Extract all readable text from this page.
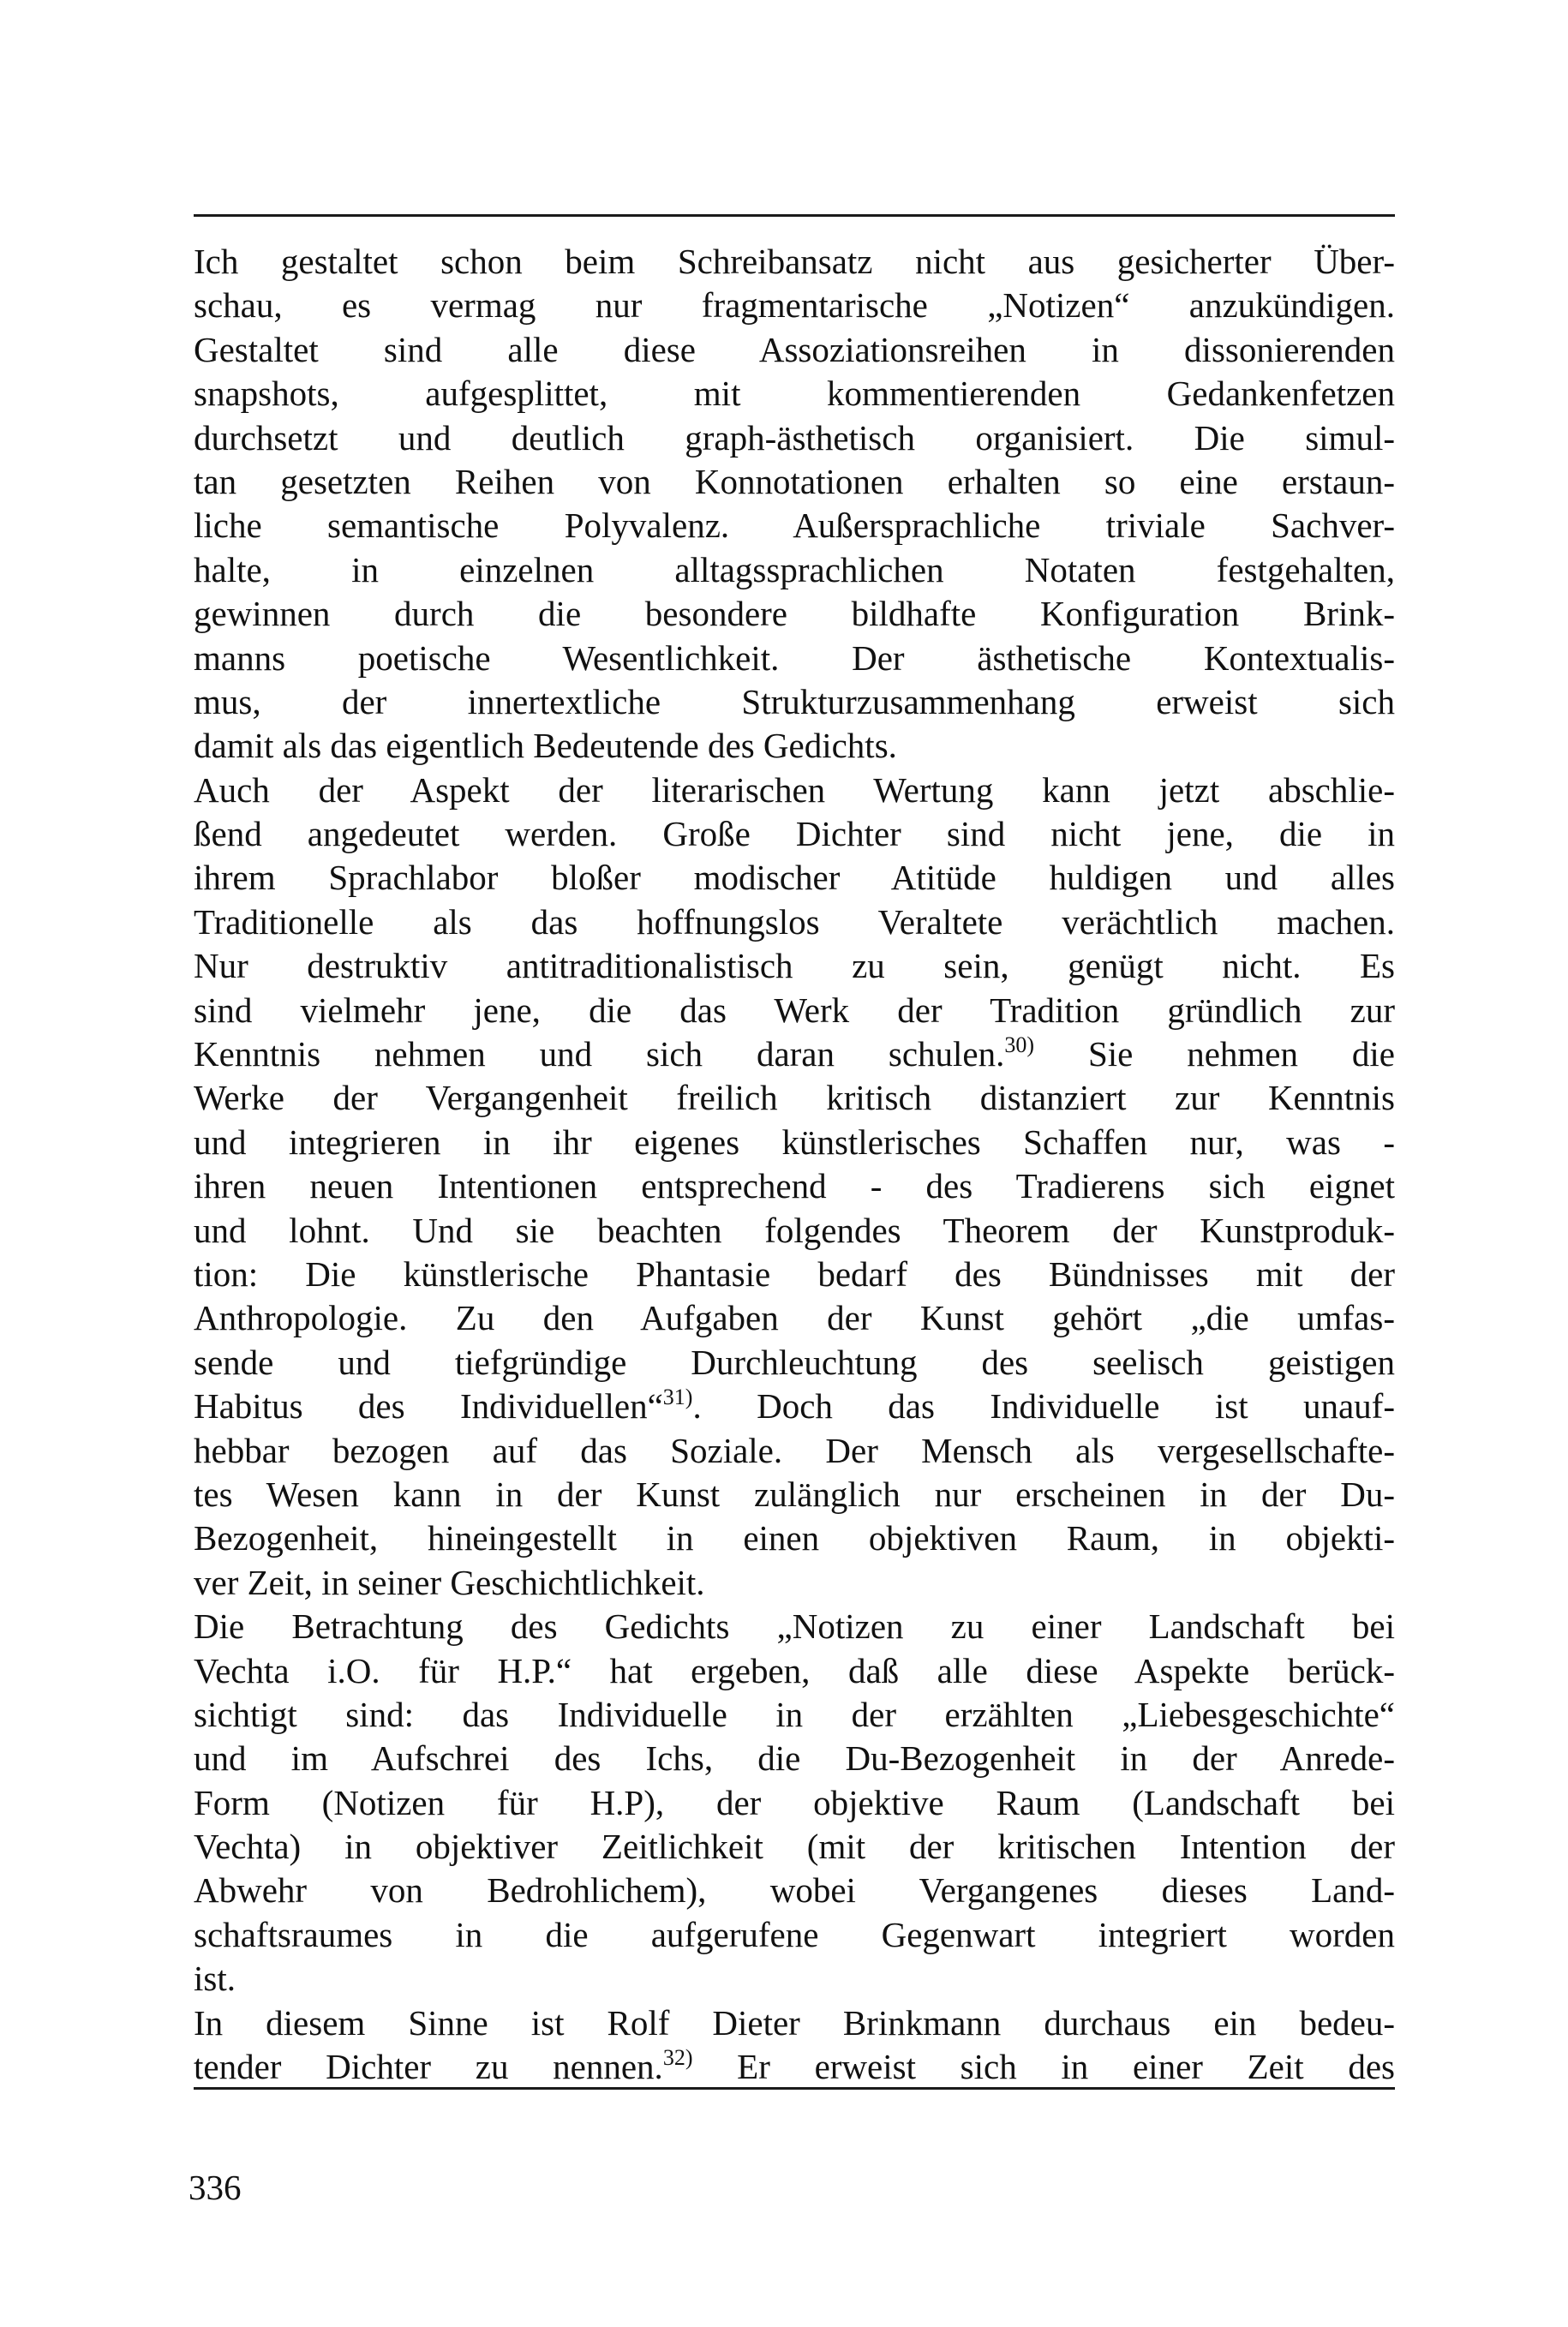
Ich gestaltet schon beim Schreibansatz nicht aus gesicherter Über-
schau, es vermag nur fragmentarische „Notizen“ anzukündigen.
Gestaltet sind alle diese Assoziationsreihen in dissonierenden
snapshots, aufgesplittet, mit kommentierenden Gedankenfetzen
durchsetzt und deutlich graph-ästhetisch organisiert. Die simul-
tan gesetzten Reihen von Konnotationen erhalten so eine erstaun-
liche semantische Polyvalenz. Außersprachliche triviale Sachver-
halte, in einzelnen alltagssprachlichen Notaten festgehalten,
gewinnen durch die besondere bildhafte Konfiguration Brink-
manns poetische Wesentlichkeit. Der ästhetische Kontextualis-
mus, der innertextliche Strukturzusammenhang erweist sich
damit als das eigentlich Bedeutende des Gedichts.
Auch der Aspekt der literarischen Wertung kann jetzt abschlie-
ßend angedeutet werden. Große Dichter sind nicht jene, die in
ihrem Sprachlabor bloßer modischer Atitüde huldigen und alles
Traditionelle als das hoffnungslos Veraltete verächtlich machen.
Nur destruktiv antitraditionalistisch zu sein, genügt nicht. Es
sind vielmehr jene, die das Werk der Tradition gründlich zur
Kenntnis nehmen und sich daran schulen.$^{30)}$ Sie nehmen die
Werke der Vergangenheit freilich kritisch distanziert zur Kenntnis
und integrieren in ihr eigenes künstlerisches Schaffen nur, was -
ihren neuen Intentionen entsprechend - des Tradierens sich eignet
und lohnt. Und sie beachten folgendes Theorem der Kunstproduk-
tion: Die künstlerische Phantasie bedarf des Bündnisses mit der
Anthropologie. Zu den Aufgaben der Kunst gehört „die umfas-
sende und tiefgründige Durchleuchtung des seelisch geistigen
Habitus des Individuellen“$^{31)}$. Doch das Individuelle ist unauf-
hebbar bezogen auf das Soziale. Der Mensch als vergesellschafte-
tes Wesen kann in der Kunst zulänglich nur erscheinen in der Du-
Bezogenheit, hineingestellt in einen objektiven Raum, in objekti-
ver Zeit, in seiner Geschichtlichkeit.
Die Betrachtung des Gedichts „Notizen zu einer Landschaft bei
Vechta i.O. für H.P.“ hat ergeben, daß alle diese Aspekte berück-
sichtigt sind: das Individuelle in der erzählten „Liebesgeschichte“
und im Aufschrei des Ichs, die Du-Bezogenheit in der Anrede-
Form (Notizen für H.P), der objektive Raum (Landschaft bei
Vechta) in objektiver Zeitlichkeit (mit der kritischen Intention der
Abwehr von Bedrohlichem), wobei Vergangenes dieses Land-
schaftsraumes in die aufgerufene Gegenwart integriert worden
ist.
In diesem Sinne ist Rolf Dieter Brinkmann durchaus ein bedeu-
tender Dichter zu nennen.$^{32)}$ Er erweist sich in einer Zeit des
336
